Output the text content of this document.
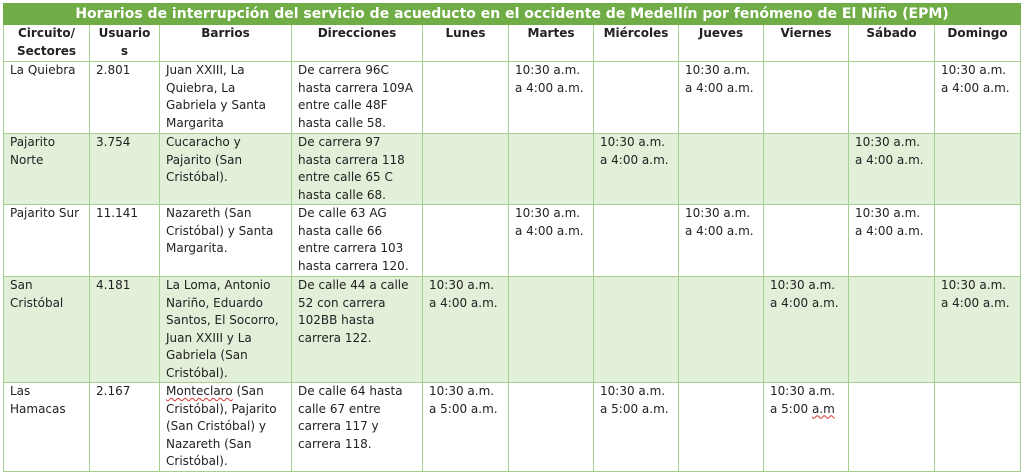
Horarios de interrupción del servicio de acueducto en el occidente de Medellín por fenómeno de El Niño (EPM)										
Circuito/ Sectores	Usuarios	Barrios	Direcciones	Lunes	Martes	Miércoles	Jueves	Viernes	Sábado	Domingo
La Quiebra	2.801	Juan XXIII, La Quiebra, La Gabriela y Santa Margarita	De carrera 96C hasta carrera 109A entre calle 48F hasta calle 58.		10:30 a.m. a 4:00 a.m.		10:30 a.m. a 4:00 a.m.			10:30 a.m. a 4:00 a.m.
Pajarito Norte	3.754	Cucaracho y Pajarito (San Cristóbal).	De carrera 97 hasta carrera 118 entre calle 65 C hasta calle 68.			10:30 a.m. a 4:00 a.m.			10:30 a.m. a 4:00 a.m.	
Pajarito Sur	11.141	Nazareth (San Cristóbal) y Santa Margarita.	De calle 63 AG hasta calle 66 entre carrera 103 hasta carrera 120.		10:30 a.m. a 4:00 a.m.		10:30 a.m. a 4:00 a.m.		10:30 a.m. a 4:00 a.m.	
San Cristóbal	4.181	La Loma, Antonio Nariño, Eduardo Santos, El Socorro, Juan XXIII y La Gabriela (San Cristóbal).	De calle 44 a calle 52 con carrera 102BB hasta carrera 122.	10:30 a.m. a 4:00 a.m.				10:30 a.m. a 4:00 a.m.		10:30 a.m. a 4:00 a.m.
Las Hamacas	2.167	Monteclaro (San Cristóbal), Pajarito (San Cristóbal) y Nazareth (San Cristóbal).	De calle 64 hasta calle 67 entre carrera 117 y carrera 118.	10:30 a.m. a 5:00 a.m.		10:30 a.m. a 5:00 a.m.		10:30 a.m. a 5:00 a.m		
